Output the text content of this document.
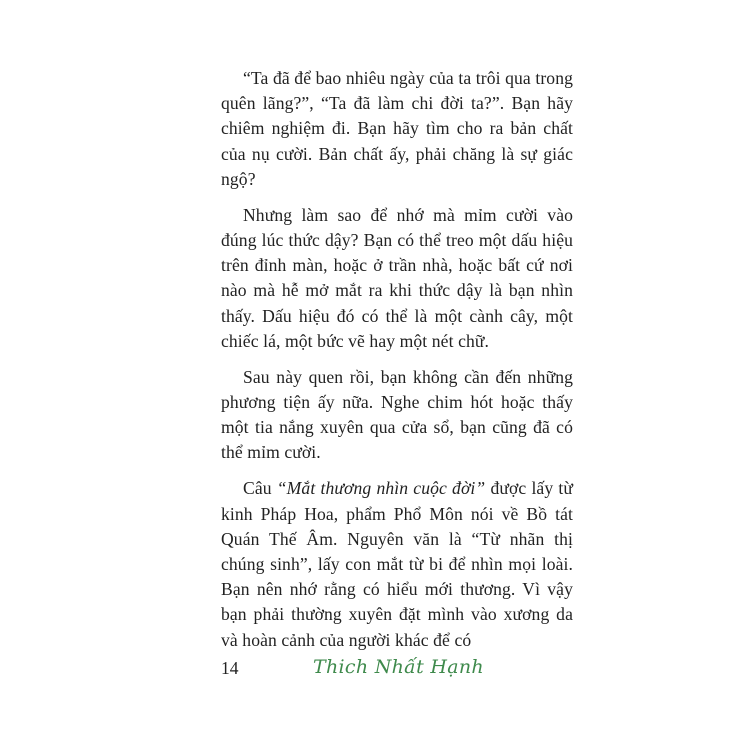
“Ta đã để bao nhiêu ngày của ta trôi qua trong quên lãng?”, “Ta đã làm chi đời ta?”. Bạn hãy chiêm nghiệm đi. Bạn hãy tìm cho ra bản chất của nụ cười. Bản chất ấy, phải chăng là sự giác ngộ?

Nhưng làm sao để nhớ mà mỉm cười vào đúng lúc thức dậy? Bạn có thể treo một dấu hiệu trên đỉnh màn, hoặc ở trần nhà, hoặc bất cứ nơi nào mà hễ mở mắt ra khi thức dậy là bạn nhìn thấy. Dấu hiệu đó có thể là một cành cây, một chiếc lá, một bức vẽ hay một nét chữ.

Sau này quen rồi, bạn không cần đến những phương tiện ấy nữa. Nghe chim hót hoặc thấy một tia nắng xuyên qua cửa sổ, bạn cũng đã có thể mỉm cười.

Câu “Mắt thương nhìn cuộc đời” được lấy từ kinh Pháp Hoa, phẩm Phổ Môn nói về Bồ tát Quán Thế Âm. Nguyên văn là “Từ nhãn thị chúng sinh”, lấy con mắt từ bi để nhìn mọi loài. Bạn nên nhớ rằng có hiểu mới thương. Vì vậy bạn phải thường xuyên đặt mình vào xương da và hoàn cảnh của người khác để có

14	Thich Nhất Hạnh
